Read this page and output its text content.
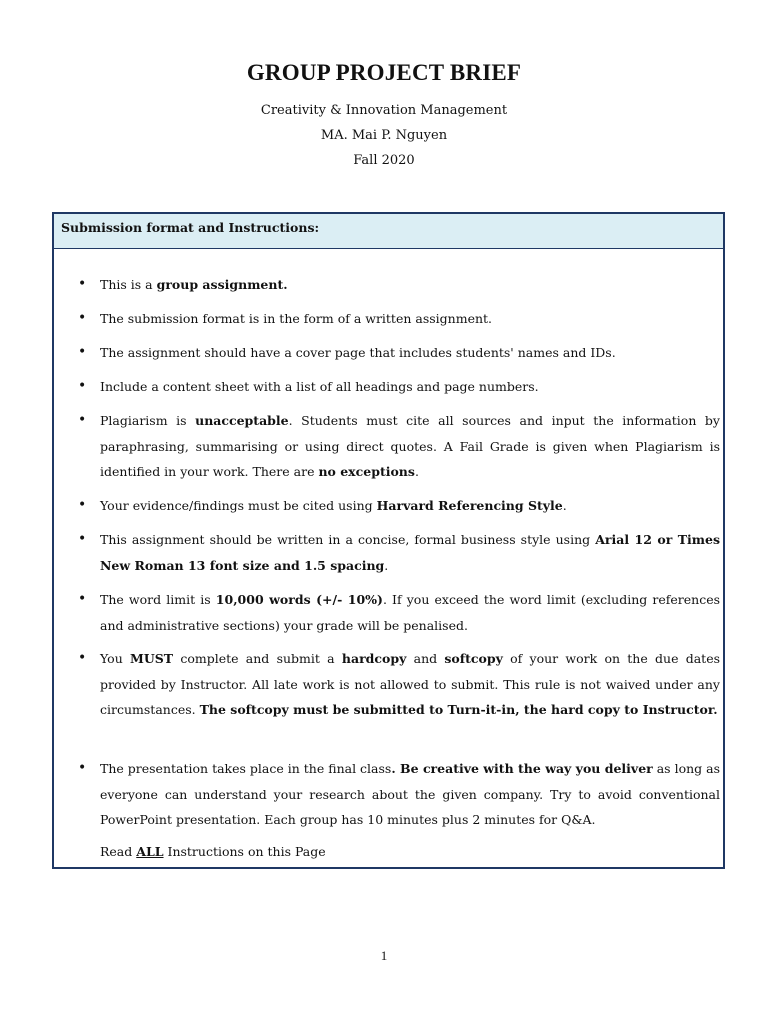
GROUP PROJECT BRIEF
Creativity & Innovation Management
MA. Mai P. Nguyen
Fall 2020
Submission format and Instructions:
• This is a group assignment.
• The submission format is in the form of a written assignment.
• The assignment should have a cover page that includes students' names and IDs.
• Include a content sheet with a list of all headings and page numbers.
• Plagiarism is unacceptable. Students must cite all sources and input the information by paraphrasing, summarising or using direct quotes. A Fail Grade is given when Plagiarism is identified in your work. There are no exceptions.
• Your evidence/findings must be cited using Harvard Referencing Style.
• This assignment should be written in a concise, formal business style using Arial 12 or Times New Roman 13 font size and 1.5 spacing.
• The word limit is 10,000 words (+/- 10%). If you exceed the word limit (excluding references and administrative sections) your grade will be penalised.
• You MUST complete and submit a hardcopy and softcopy of your work on the due dates provided by Instructor. All late work is not allowed to submit. This rule is not waived under any circumstances. The softcopy must be submitted to Turn-it-in, the hard copy to Instructor.
• The presentation takes place in the final class. Be creative with the way you deliver as long as everyone can understand your research about the given company. Try to avoid conventional PowerPoint presentation. Each group has 10 minutes plus 2 minutes for Q&A.
Read ALL Instructions on this Page
1
